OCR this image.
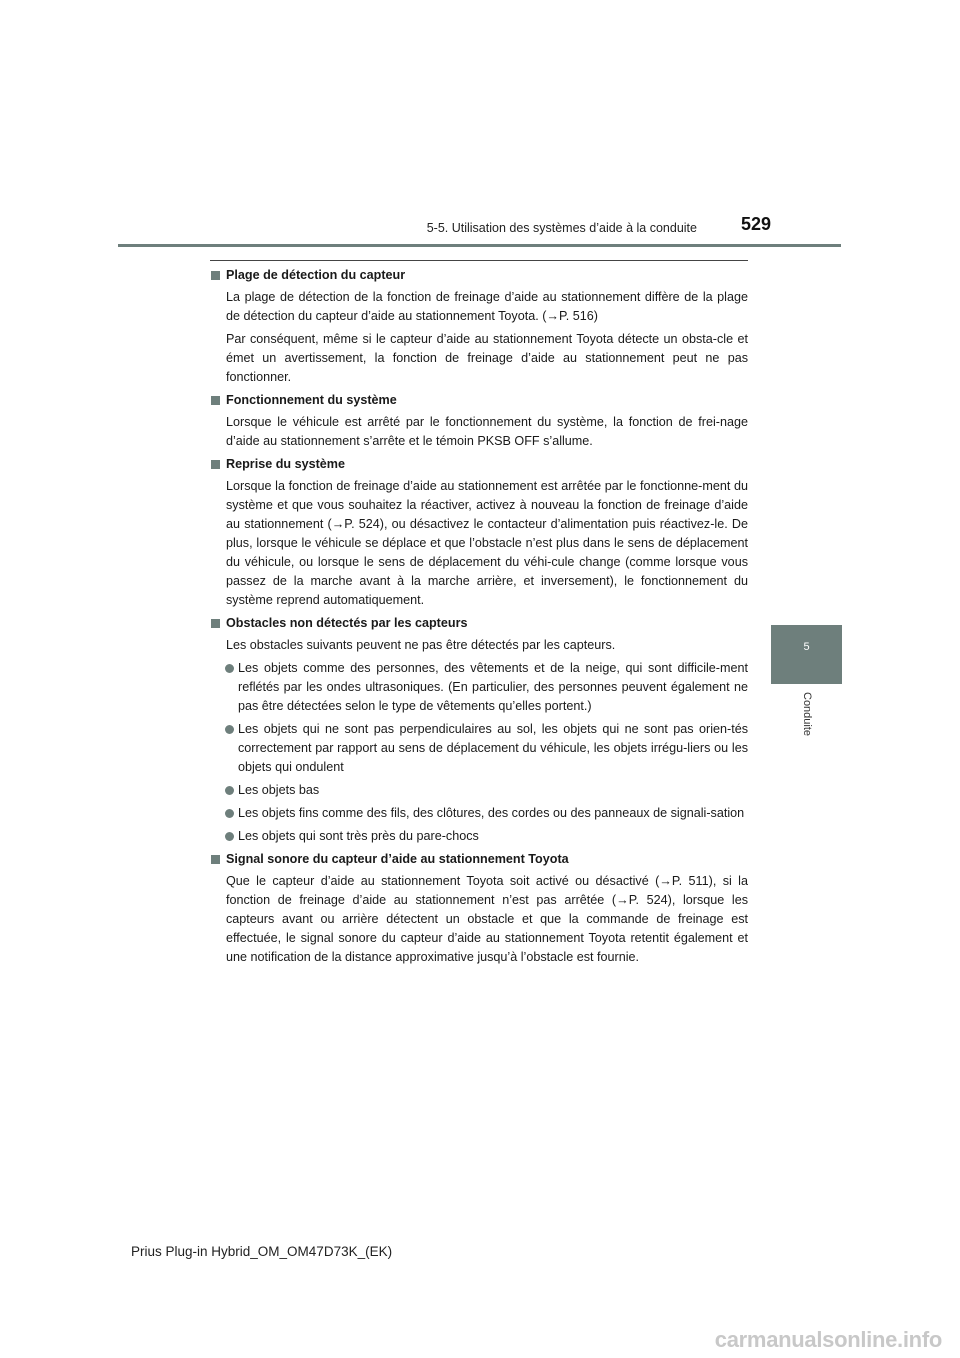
5-5. Utilisation des systèmes d’aide à la conduite 529
5
Conduite
Plage de détection du capteur

La plage de détection de la fonction de freinage d’aide au stationnement diffère de la plage de détection du capteur d’aide au stationnement Toyota. (→P. 516)

Par conséquent, même si le capteur d’aide au stationnement Toyota détecte un obsta-cle et émet un avertissement, la fonction de freinage d’aide au stationnement peut ne pas fonctionner.

Fonctionnement du système

Lorsque le véhicule est arrêté par le fonctionnement du système, la fonction de frei-nage d’aide au stationnement s’arrête et le témoin PKSB OFF s’allume.

Reprise du système

Lorsque la fonction de freinage d’aide au stationnement est arrêtée par le fonctionne-ment du système et que vous souhaitez la réactiver, activez à nouveau la fonction de freinage d’aide au stationnement (→P. 524), ou désactivez le contacteur d’alimentation puis réactivez-le. De plus, lorsque le véhicule se déplace et que l’obstacle n’est plus dans le sens de déplacement du véhicule, ou lorsque le sens de déplacement du véhi-cule change (comme lorsque vous passez de la marche avant à la marche arrière, et inversement), le fonctionnement du système reprend automatiquement.

Obstacles non détectés par les capteurs

Les obstacles suivants peuvent ne pas être détectés par les capteurs.

Les objets comme des personnes, des vêtements et de la neige, qui sont difficile-ment reflétés par les ondes ultrasoniques. (En particulier, des personnes peuvent également ne pas être détectées selon le type de vêtements qu’elles portent.)
Les objets qui ne sont pas perpendiculaires au sol, les objets qui ne sont pas orien-tés correctement par rapport au sens de déplacement du véhicule, les objets irrégu-liers ou les objets qui ondulent
Les objets bas
Les objets fins comme des fils, des clôtures, des cordes ou des panneaux de signali-sation
Les objets qui sont très près du pare-chocs
Signal sonore du capteur d’aide au stationnement Toyota

Que le capteur d’aide au stationnement Toyota soit activé ou désactivé (→P. 511), si la fonction de freinage d’aide au stationnement n’est pas arrêtée (→P. 524), lorsque les capteurs avant ou arrière détectent un obstacle et que la commande de freinage est effectuée, le signal sonore du capteur d’aide au stationnement Toyota retentit également et une notification de la distance approximative jusqu’à l’obstacle est fournie.

Prius Plug-in Hybrid_OM_OM47D73K_(EK)
carmanualsonline.info
